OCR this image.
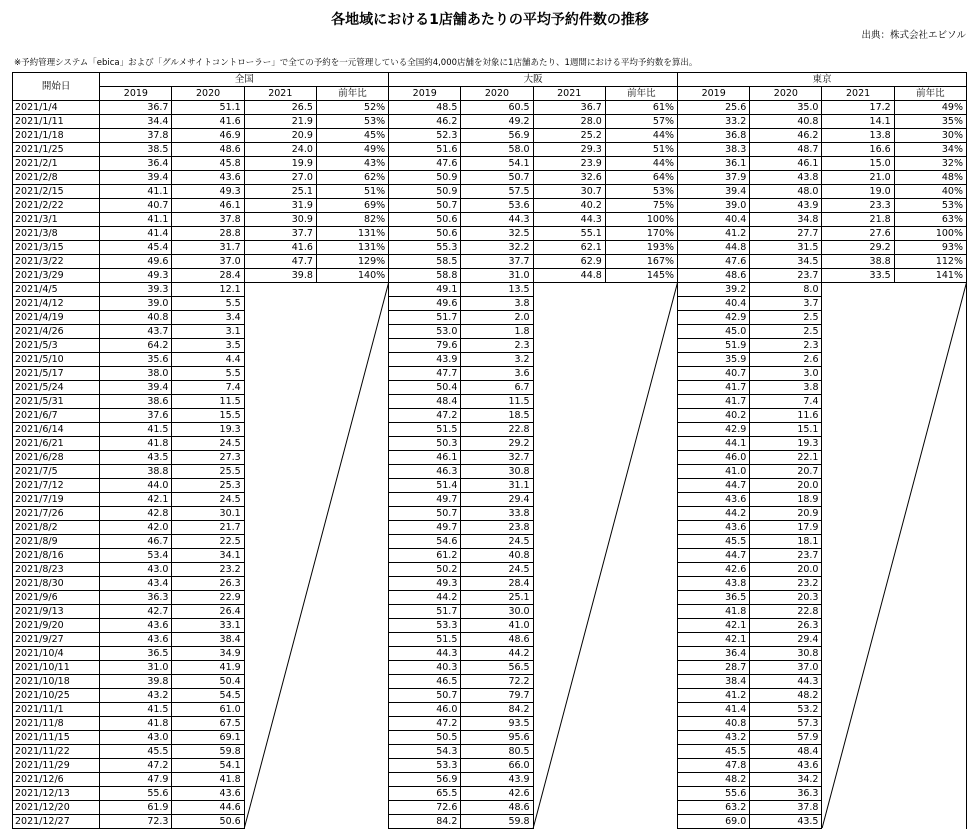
各地域における1店舗あたりの平均予約件数の推移
出典：株式会社エビソル
※予約管理システム「ebica」および「グルメサイトコントローラー」で全ての予約を一元管理している全国約4,000店舗を対象に1店舗あたり、1週間における平均予約数を算出。
開始日	全国				大阪				東京			
	2019	2020	2021	前年比	2019	2020	2021	前年比	2019	2020	2021	前年比
2021/1/4	36.7	51.1	26.5	52%	48.5	60.5	36.7	61%	25.6	35.0	17.2	49%
2021/1/11	34.4	41.6	21.9	53%	46.2	49.2	28.0	57%	33.2	40.8	14.1	35%
2021/1/18	37.8	46.9	20.9	45%	52.3	56.9	25.2	44%	36.8	46.2	13.8	30%
2021/1/25	38.5	48.6	24.0	49%	51.6	58.0	29.3	51%	38.3	48.7	16.6	34%
2021/2/1	36.4	45.8	19.9	43%	47.6	54.1	23.9	44%	36.1	46.1	15.0	32%
2021/2/8	39.4	43.6	27.0	62%	50.9	50.7	32.6	64%	37.9	43.8	21.0	48%
2021/2/15	41.1	49.3	25.1	51%	50.9	57.5	30.7	53%	39.4	48.0	19.0	40%
2021/2/22	40.7	46.1	31.9	69%	50.7	53.6	40.2	75%	39.0	43.9	23.3	53%
2021/3/1	41.1	37.8	30.9	82%	50.6	44.3	44.3	100%	40.4	34.8	21.8	63%
2021/3/8	41.4	28.8	37.7	131%	50.6	32.5	55.1	170%	41.2	27.7	27.6	100%
2021/3/15	45.4	31.7	41.6	131%	55.3	32.2	62.1	193%	44.8	31.5	29.2	93%
2021/3/22	49.6	37.0	47.7	129%	58.5	37.7	62.9	167%	47.6	34.5	38.8	112%
2021/3/29	49.3	28.4	39.8	140%	58.8	31.0	44.8	145%	48.6	23.7	33.5	141%
2021/4/5	39.3	12.1			49.1	13.5			39.2	8.0		
2021/4/12	39.0	5.5			49.6	3.8			40.4	3.7		
2021/4/19	40.8	3.4			51.7	2.0			42.9	2.5		
2021/4/26	43.7	3.1			53.0	1.8			45.0	2.5		
2021/5/3	64.2	3.5			79.6	2.3			51.9	2.3		
2021/5/10	35.6	4.4			43.9	3.2			35.9	2.6		
2021/5/17	38.0	5.5			47.7	3.6			40.7	3.0		
2021/5/24	39.4	7.4			50.4	6.7			41.7	3.8		
2021/5/31	38.6	11.5			48.4	11.5			41.7	7.4		
2021/6/7	37.6	15.5			47.2	18.5			40.2	11.6		
2021/6/14	41.5	19.3			51.5	22.8			42.9	15.1		
2021/6/21	41.8	24.5			50.3	29.2			44.1	19.3		
2021/6/28	43.5	27.3			46.1	32.7			46.0	22.1		
2021/7/5	38.8	25.5			46.3	30.8			41.0	20.7		
2021/7/12	44.0	25.3			51.4	31.1			44.7	20.0		
2021/7/19	42.1	24.5			49.7	29.4			43.6	18.9		
2021/7/26	42.8	30.1			50.7	33.8			44.2	20.9		
2021/8/2	42.0	21.7			49.7	23.8			43.6	17.9		
2021/8/9	46.7	22.5			54.6	24.5			45.5	18.1		
2021/8/16	53.4	34.1			61.2	40.8			44.7	23.7		
2021/8/23	43.0	23.2			50.2	24.5			42.6	20.0		
2021/8/30	43.4	26.3			49.3	28.4			43.8	23.2		
2021/9/6	36.3	22.9			44.2	25.1			36.5	20.3		
2021/9/13	42.7	26.4			51.7	30.0			41.8	22.8		
2021/9/20	43.6	33.1			53.3	41.0			42.1	26.3		
2021/9/27	43.6	38.4			51.5	48.6			42.1	29.4		
2021/10/4	36.5	34.9			44.3	44.2			36.4	30.8		
2021/10/11	31.0	41.9			40.3	56.5			28.7	37.0		
2021/10/18	39.8	50.4			46.5	72.2			38.4	44.3		
2021/10/25	43.2	54.5			50.7	79.7			41.2	48.2		
2021/11/1	41.5	61.0			46.0	84.2			41.4	53.2		
2021/11/8	41.8	67.5			47.2	93.5			40.8	57.3		
2021/11/15	43.0	69.1			50.5	95.6			43.2	57.9		
2021/11/22	45.5	59.8			54.3	80.5			45.5	48.4		
2021/11/29	47.2	54.1			53.3	66.0			47.8	43.6		
2021/12/6	47.9	41.8			56.9	43.9			48.2	34.2		
2021/12/13	55.6	43.6			65.5	42.6			55.6	36.3		
2021/12/20	61.9	44.6			72.6	48.6			63.2	37.8		
2021/12/27	72.3	50.6			84.2	59.8			69.0	43.5		
